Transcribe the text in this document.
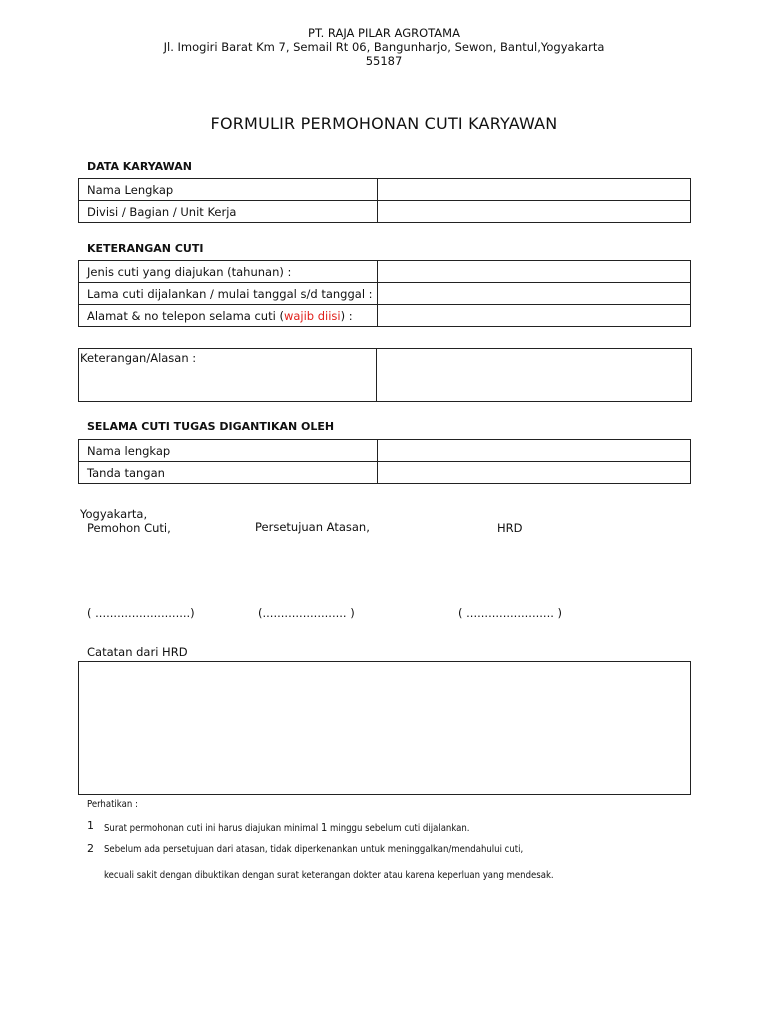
PT. RAJA PILAR AGROTAMA
Jl. Imogiri Barat Km 7, Semail Rt 06, Bangunharjo, Sewon, Bantul,Yogyakarta
55187
FORMULIR PERMOHONAN CUTI KARYAWAN
DATA KARYAWAN
Nama Lengkap	
Divisi / Bagian / Unit Kerja	
KETERANGAN CUTI
Jenis cuti yang diajukan (tahunan) :	
Lama cuti dijalankan / mulai tanggal s/d tanggal :	
Alamat & no telepon selama cuti (wajib diisi) :	
Keterangan/Alasan :
SELAMA CUTI TUGAS DIGANTIKAN OLEH
Nama lengkap	
Tanda tangan	
Yogyakarta,
Pemohon Cuti,	Persetujuan Atasan,	HRD
( ..........................)	(....................... )	( ........................ )
Catatan dari HRD
Perhatikan :
1 Surat permohonan cuti ini harus diajukan minimal 1 minggu sebelum cuti dijalankan.
2 Sebelum ada persetujuan dari atasan, tidak diperkenankan untuk meninggalkan/mendahului cuti,
kecuali sakit dengan dibuktikan dengan surat keterangan dokter atau karena keperluan yang mendesak.
